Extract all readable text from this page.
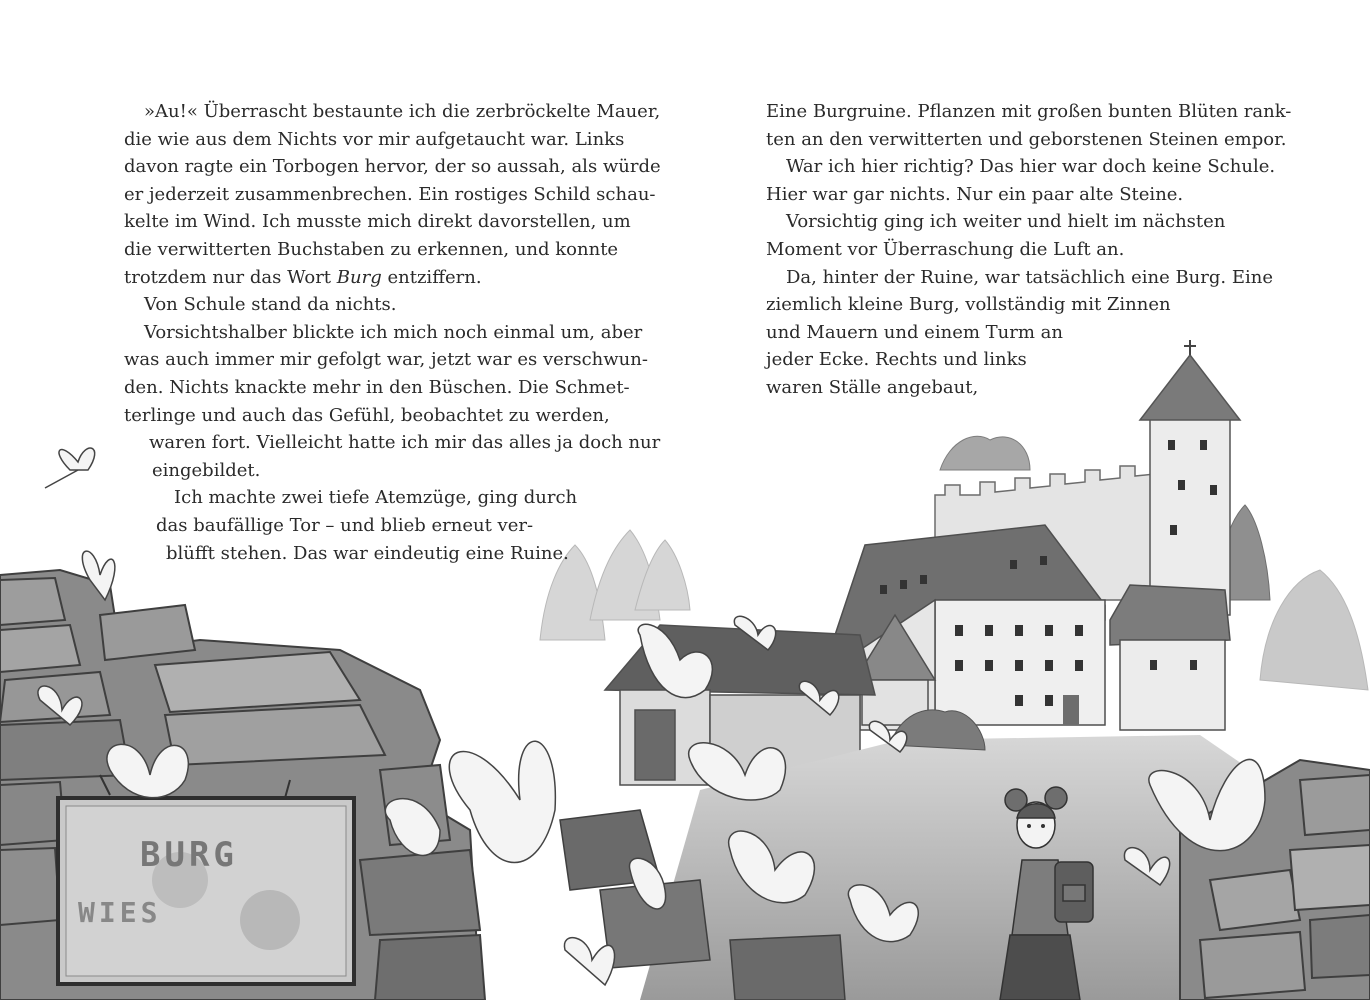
BURG
WIES
»Au!« Überrascht bestaunte ich die zerbröckelte Mauer,
die wie aus dem Nichts vor mir aufgetaucht war. Links
davon ragte ein Torbogen hervor, der so aussah, als würde
er jederzeit zusammenbrechen. Ein rostiges Schild schau-
kelte im Wind. Ich musste mich direkt davorstellen, um
die verwitterten Buchstaben zu erkennen, und konnte
trotzdem nur das Wort Burg entziffern.
Von Schule stand da nichts.
Vorsichtshalber blickte ich mich noch einmal um, aber
was auch immer mir gefolgt war, jetzt war es verschwun-
den. Nichts knackte mehr in den Büschen. Die Schmet-
terlinge und auch das Gefühl, beobachtet zu werden,
waren fort. Vielleicht hatte ich mir das alles ja doch nur
eingebildet.
Ich machte zwei tiefe Atemzüge, ging durch
das baufällige Tor – und blieb erneut ver-
blüfft stehen. Das war eindeutig eine Ruine.
Eine Burgruine. Pflanzen mit großen bunten Blüten rank-
ten an den verwitterten und geborstenen Steinen empor.
War ich hier richtig? Das hier war doch keine Schule.
Hier war gar nichts. Nur ein paar alte Steine.
Vorsichtig ging ich weiter und hielt im nächsten
Moment vor Überraschung die Luft an.
Da, hinter der Ruine, war tatsächlich eine Burg. Eine
ziemlich kleine Burg, vollständig mit Zinnen
und Mauern und einem Turm an
jeder Ecke. Rechts und links
waren Ställe angebaut,
